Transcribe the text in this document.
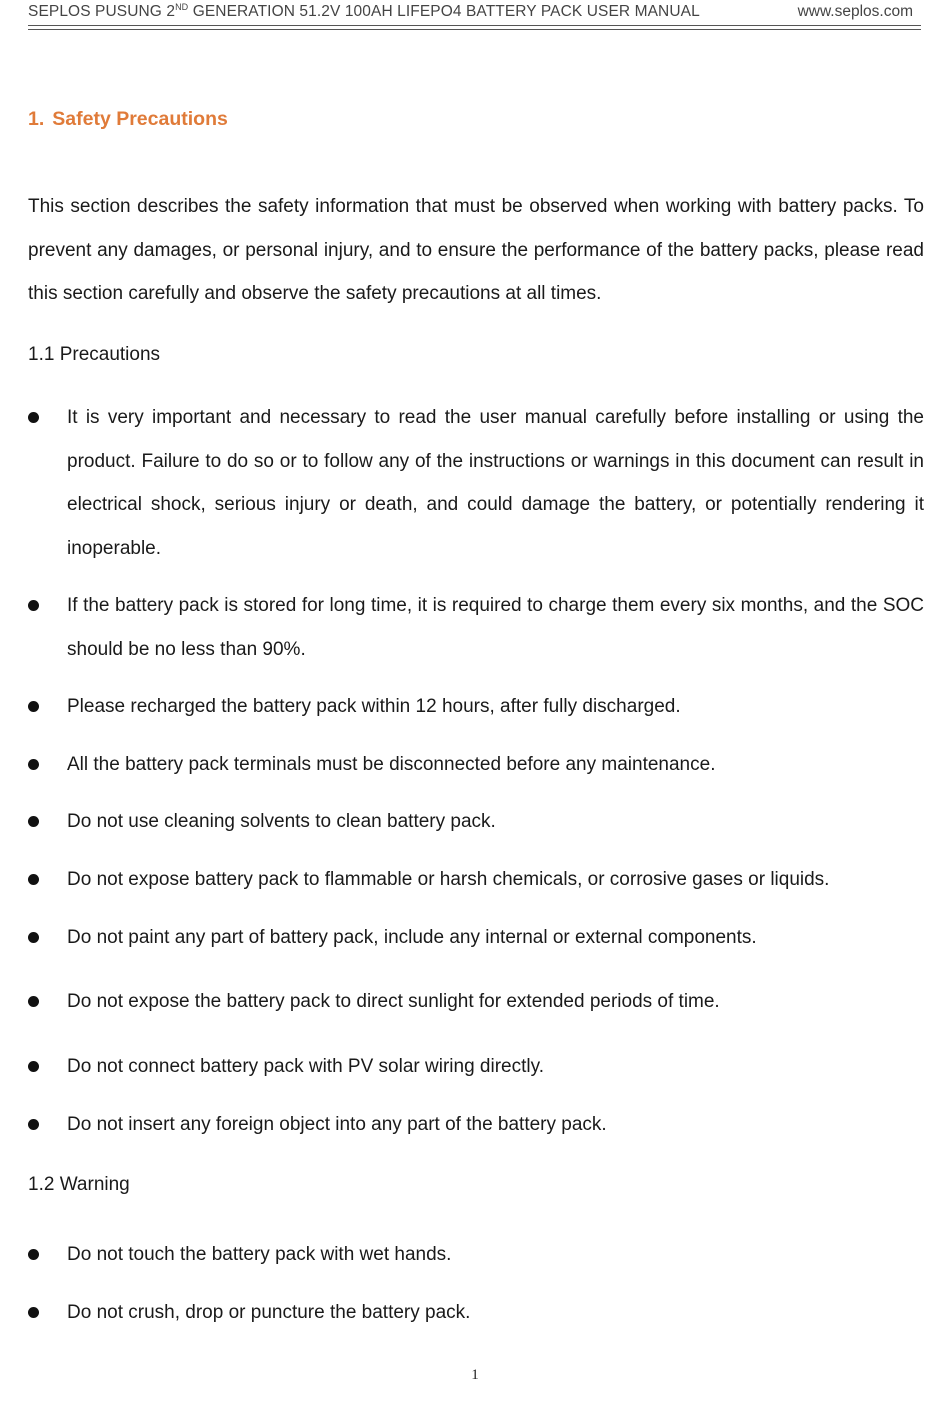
SEPLOS PUSUNG 2ND GENERATION 51.2V 100AH LIFEPO4 BATTERY PACK USER MANUAL	www.seplos.com
1. Safety Precautions
This section describes the safety information that must be observed when working with battery packs. To prevent any damages, or personal injury, and to ensure the performance of the battery packs, please read this section carefully and observe the safety precautions at all times.
1.1 Precautions
It is very important and necessary to read the user manual carefully before installing or using the product. Failure to do so or to follow any of the instructions or warnings in this document can result in electrical shock, serious injury or death, and could damage the battery, or potentially rendering it inoperable.
If the battery pack is stored for long time, it is required to charge them every six months, and the SOC should be no less than 90%.
Please recharged the battery pack within 12 hours, after fully discharged.
All the battery pack terminals must be disconnected before any maintenance.
Do not use cleaning solvents to clean battery pack.
Do not expose battery pack to flammable or harsh chemicals, or corrosive gases or liquids.
Do not paint any part of battery pack, include any internal or external components.
Do not expose the battery pack to direct sunlight for extended periods of time.
Do not connect battery pack with PV solar wiring directly.
Do not insert any foreign object into any part of the battery pack.
1.2 Warning
Do not touch the battery pack with wet hands.
Do not crush, drop or puncture the battery pack.
1
